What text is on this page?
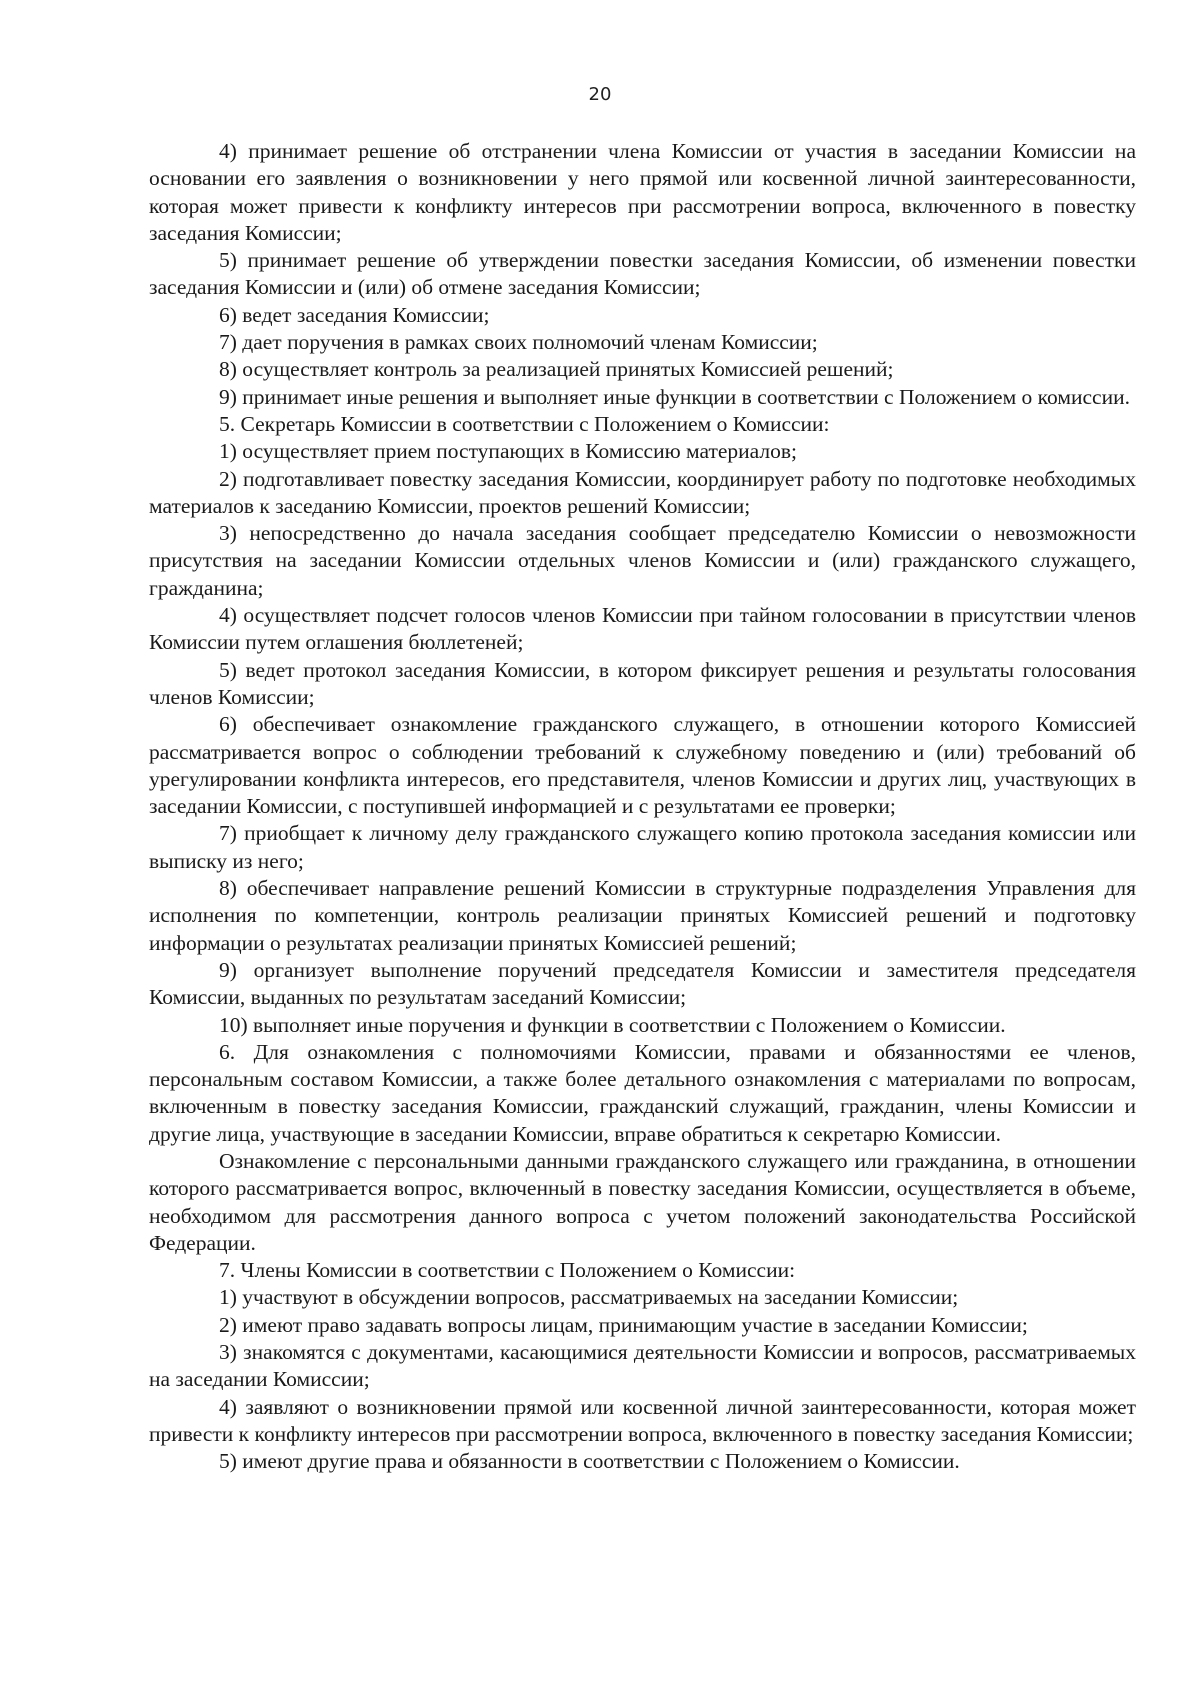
20

4) принимает решение об отстранении члена Комиссии от участия в заседании Комиссии на основании его заявления о возникновении у него прямой или косвенной личной заинтересованности, которая может привести к конфликту интересов при рассмотрении вопроса, включенного в повестку заседания Комиссии;

5) принимает решение об утверждении повестки заседания Комиссии, об изменении повестки заседания Комиссии и (или) об отмене заседания Комиссии;

6) ведет заседания Комиссии;

7) дает поручения в рамках своих полномочий членам Комиссии;

8) осуществляет контроль за реализацией принятых Комиссией решений;

9) принимает иные решения и выполняет иные функции в соответствии с Положением о комиссии.

5. Секретарь Комиссии в соответствии с Положением о Комиссии:

1) осуществляет прием поступающих в Комиссию материалов;

2) подготавливает повестку заседания Комиссии, координирует работу по подготовке необходимых материалов к заседанию Комиссии, проектов решений Комиссии;

3) непосредственно до начала заседания сообщает председателю Комиссии о невозможности присутствия на заседании Комиссии отдельных членов Комиссии и (или) гражданского служащего, гражданина;

4) осуществляет подсчет голосов членов Комиссии при тайном голосовании в присутствии членов Комиссии путем оглашения бюллетеней;

5) ведет протокол заседания Комиссии, в котором фиксирует решения и результаты голосования членов Комиссии;

6) обеспечивает ознакомление гражданского служащего, в отношении которого Комиссией рассматривается вопрос о соблюдении требований к служебному поведению и (или) требований об урегулировании конфликта интересов, его представителя, членов Комиссии и других лиц, участвующих в заседании Комиссии, с поступившей информацией и с результатами ее проверки;

7) приобщает к личному делу гражданского служащего копию протокола заседания комиссии или выписку из него;

8) обеспечивает направление решений Комиссии в структурные подразделения Управления для исполнения по компетенции, контроль реализации принятых Комиссией решений и подготовку информации о результатах реализации принятых Комиссией решений;

9) организует выполнение поручений председателя Комиссии и заместителя председателя Комиссии, выданных по результатам заседаний Комиссии;

10) выполняет иные поручения и функции в соответствии с Положением о Комиссии.

6. Для ознакомления с полномочиями Комиссии, правами и обязанностями ее членов, персональным составом Комиссии, а также более детального ознакомления с материалами по вопросам, включенным в повестку заседания Комиссии, гражданский служащий, гражданин, члены Комиссии и другие лица, участвующие в заседании Комиссии, вправе обратиться к секретарю Комиссии.

Ознакомление с персональными данными гражданского служащего или гражданина, в отношении которого рассматривается вопрос, включенный в повестку заседания Комиссии, осуществляется в объеме, необходимом для рассмотрения данного вопроса с учетом положений законодательства Российской Федерации.

7. Члены Комиссии в соответствии с Положением о Комиссии:

1) участвуют в обсуждении вопросов, рассматриваемых на заседании Комиссии;

2) имеют право задавать вопросы лицам, принимающим участие в заседании Комиссии;

3) знакомятся с документами, касающимися деятельности Комиссии и вопросов, рассматриваемых на заседании Комиссии;

4) заявляют о возникновении прямой или косвенной личной заинтересованности, которая может привести к конфликту интересов при рассмотрении вопроса, включенного в повестку заседания Комиссии;

5) имеют другие права и обязанности в соответствии с Положением о Комиссии.
